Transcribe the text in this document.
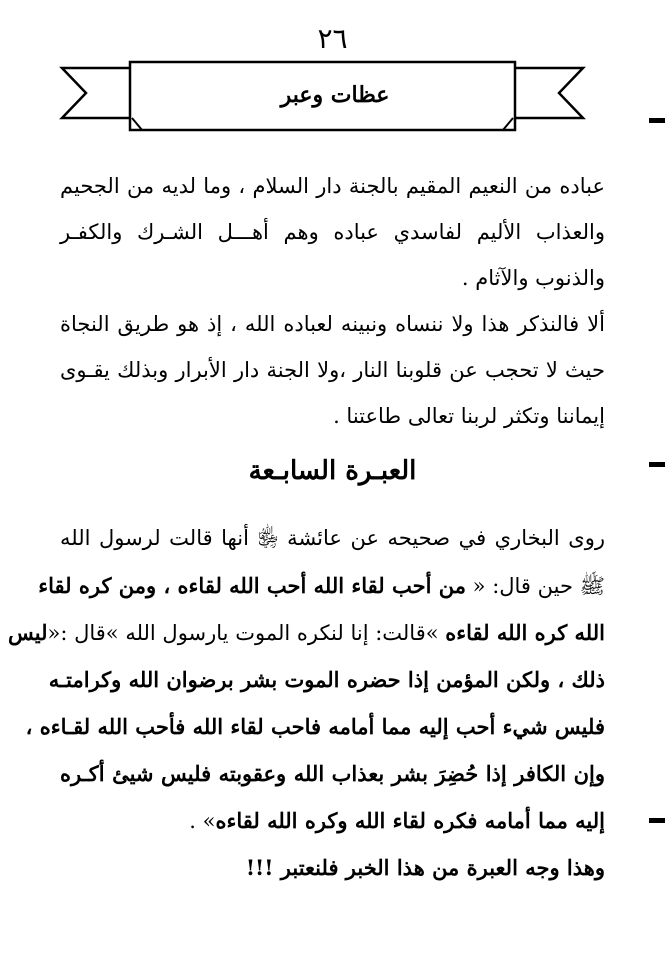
٢٦
عظات وعبر
عباده من النعيم المقيم بالجنة دار السلام ، وما لديه من الجحيم
والعذاب الأليم لفاسدي عباده وهم أهـــل الشـرك والكفـر
والذنوب والآثام .
ألا فالنذكر هذا ولا ننساه ونبينه لعباده الله ، إذ هو طريق النجاة
حيث لا تحجب عن قلوبنا النار ،ولا الجنة دار الأبرار وبذلك يقـوى
إيماننا وتكثر لربنا تعالى طاعتنا .
العبـرة السابـعة
روى البخاري في صحيحه عن عائشة ﵂ أنها قالت لرسول الله
ﷺ حين قال: « من أحب لقاء الله أحب الله لقاءه ، ومن كره لقاء
الله كره الله لقاءه »قالت: إنا لنكره الموت يارسول الله »قال :«ليس
ذلك ، ولكن المؤمن إذا حضره الموت بشر برضوان الله وكرامتـه
فليس شيء أحب إليه مما أمامه فاحب لقاء الله فأحب الله لقـاءه ،
وإن الكافر إذا حُضِرَ بشر بعذاب الله وعقوبته فليس شيئ أكـره
إليه مما أمامه فكره لقاء الله وكره الله لقاءه» .
وهذا وجه العبرة من هذا الخبر فلنعتبر !!!
